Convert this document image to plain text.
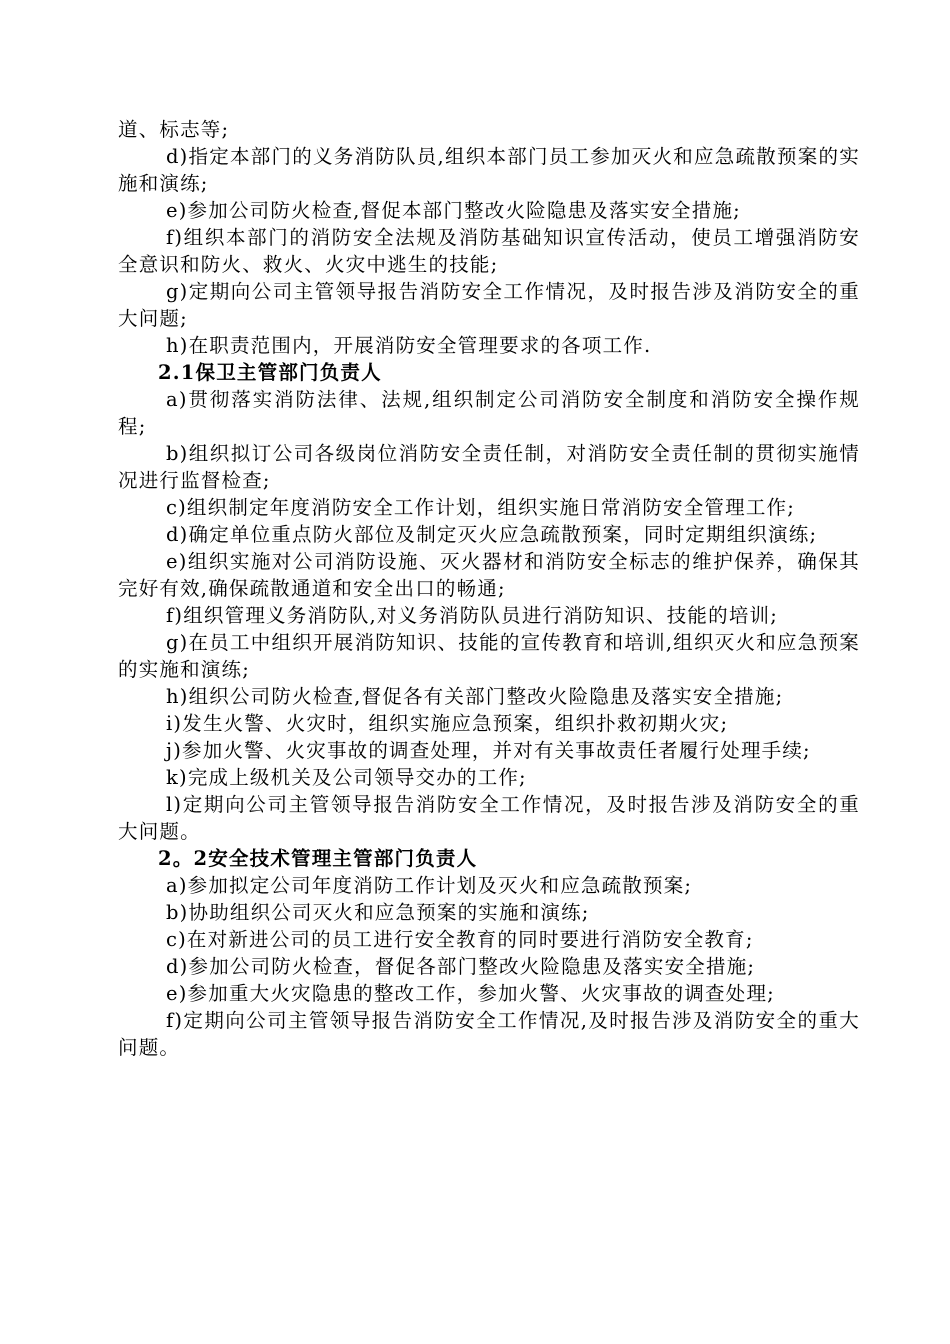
道、标志等;

d)指定本部门的义务消防队员,组织本部门员工参加灭火和应急疏散预案的实施和演练;

e)参加公司防火检查,督促本部门整改火险隐患及落实安全措施;

f)组织本部门的消防安全法规及消防基础知识宣传活动，使员工增强消防安全意识和防火、救火、火灾中逃生的技能;

g)定期向公司主管领导报告消防安全工作情况，及时报告涉及消防安全的重大问题;

h)在职责范围内，开展消防安全管理要求的各项工作.

2.1保卫主管部门负责人

a)贯彻落实消防法律、法规,组织制定公司消防安全制度和消防安全操作规程;

b)组织拟订公司各级岗位消防安全责任制，对消防安全责任制的贯彻实施情况进行监督检查;

c)组织制定年度消防安全工作计划，组织实施日常消防安全管理工作;

d)确定单位重点防火部位及制定灭火应急疏散预案，同时定期组织演练;

e)组织实施对公司消防设施、灭火器材和消防安全标志的维护保养，确保其完好有效,确保疏散通道和安全出口的畅通;

f)组织管理义务消防队,对义务消防队员进行消防知识、技能的培训;

g)在员工中组织开展消防知识、技能的宣传教育和培训,组织灭火和应急预案的实施和演练;

h)组织公司防火检查,督促各有关部门整改火险隐患及落实安全措施;

i)发生火警、火灾时，组织实施应急预案，组织扑救初期火灾;

j)参加火警、火灾事故的调查处理，并对有关事故责任者履行处理手续;

k)完成上级机关及公司领导交办的工作;

l)定期向公司主管领导报告消防安全工作情况，及时报告涉及消防安全的重大问题。

2。2安全技术管理主管部门负责人

a)参加拟定公司年度消防工作计划及灭火和应急疏散预案;

b)协助组织公司灭火和应急预案的实施和演练;

c)在对新进公司的员工进行安全教育的同时要进行消防安全教育;

d)参加公司防火检查，督促各部门整改火险隐患及落实安全措施;

e)参加重大火灾隐患的整改工作，参加火警、火灾事故的调查处理;

f)定期向公司主管领导报告消防安全工作情况,及时报告涉及消防安全的重大问题。
